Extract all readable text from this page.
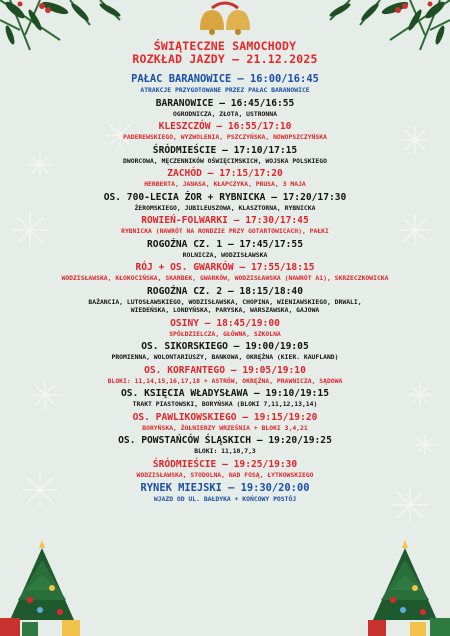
ŚWIĄTECZNE SAMOCHODY

ROZKŁAD JAZDY – 21.12.2025

PAŁAC BARANOWICE – 16:00/16:45

ATRAKCJE PRZYGOTOWANE PRZEZ PAŁAC BARANOWICE

BARANOWICE – 16:45/16:55

OGRODNICZA, ZŁOTA, USTRONNA

KLESZCZÓW – 16:55/17:10

PADEREWSKIEGO, WYZWOLENIA, PSZCZYŃSKA, NOWOPSZCZYŃSKA

ŚRÓDMIEŚCIE – 17:10/17:15

DWORCOWA, MĘCZENNIKÓW OŚWIĘCIMSKICH, WOJSKA POLSKIEGO

ZACHÓD – 17:15/17:20

HERBERTA, JANASA, KŁAPCZYKA, PRUSA, 3 MAJA

OS. 700-LECIA ŻOR + RYBNICKA – 17:20/17:30

ŻEROMSKIEGO, JUBILEUSZOWA, KLASZTORNA, RYBNICKA

ROWIEŃ-FOLWARKI – 17:30/17:45

RYBNICKA (NAWRÓT NA RONDZIE PRZY GOTARTOWICACH), PAŁKI

ROGOŹNA CZ. 1 – 17:45/17:55

ROLNICZA, WODZISŁAWSKA

RÓJ + OS. GWARKÓW – 17:55/18:15

WODZISŁAWSKA, KŁOKOCIŃSKA, SKARBEK, GWARKÓW, WODZISŁAWSKA (NAWRÓT A1), SKRZECZKOWICKA

ROGOŹNA CZ. 2 – 18:15/18:40

BAŻANCIA, LUTOSŁAWSKIEGO, WODZISŁAWSKA, CHOPINA, WIENIAWSKIEGO, DRWALI,

WIEDEŃSKA, LONDYŃSKA, PARYSKA, WARSZAWSKA, GAJOWA

OSINY – 18:45/19:00

SPÓŁDZIELCZA, GŁÓWNA, SZKOLNA

OS. SIKORSKIEGO – 19:00/19:05

PROMIENNA, WOLONTARIUSZY, BANKOWA, OKRĘŻNA (KIER. KAUFLAND)

OS. KORFANTEGO – 19:05/19:10

BLOKI: 11,14,15,16,17,18 + ASTRÓW, OKRĘŻNA, PRAWNICZA, SĄDOWA

OS. KSIĘCIA WŁADYSŁAWA – 19:10/19:15

TRAKT PIASTOWSKI, BORYŃSKA (BLOKI 7,11,12,13,14)

OS. PAWLIKOWSKIEGO – 19:15/19:20

BORYŃSKA, ŻOŁNIERZY WRZEŚNIA + BLOKI 3,4,21

OS. POWSTAŃCÓW ŚLĄSKICH – 19:20/19:25

BLOKI: 11,10,7,3

ŚRÓDMIEŚCIE – 19:25/19:30

WODZISŁAWSKA, STODOLNA, NAD FOSĄ, ŁYTKOWSKIEGO

RYNEK MIEJSKI – 19:30/20:00

WJAZD OD UL. BAŁDYKA + KOŃCOWY POSTÓJ
